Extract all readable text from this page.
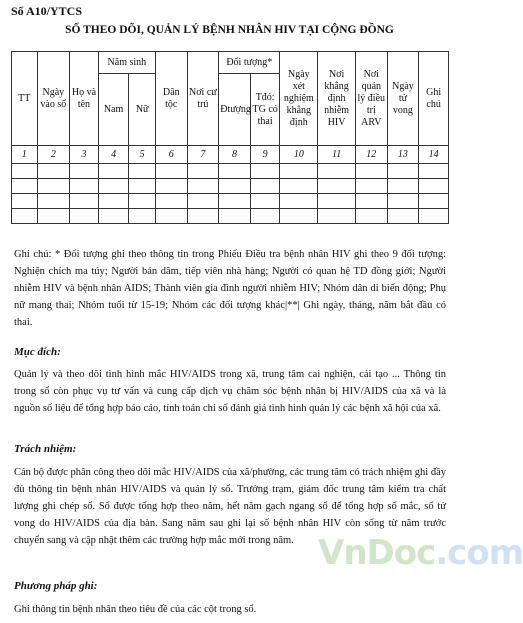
Sổ A10/YTCS
SỔ THEO DÕI, QUẢN LÝ BỆNH NHÂN HIV TẠI CỘNG ĐỒNG
TT	Ngày vào sổ	Họ và tên	Năm sinh		Dân tộc	Nơi cư trú	Đối tượng*		Ngày xét nghiệm khẳng định	Nơi khẳng định nhiễm HIV	Nơi quản lý điều trị ARV	Ngày tử vong	Ghi chú
			Nam	Nữ			Đtượng	Tđó: TG có thai					
1	2	3	4	5	6	7	8	9	10	11	12	13	14

Ghi chú: * Đối tượng ghi theo thông tin trong Phiếu Điều tra bệnh nhân HIV ghi theo 9 đối tượng: Nghiện chích ma túy; Người bán dâm, tiếp viên nhà hàng; Người có quan hệ TD đồng giới; Người nhiễm HIV và bệnh nhân AIDS; Thành viên gia đình người nhiễm HIV; Nhóm dân di biến động; Phụ nữ mang thai; Nhóm tuổi từ 15-19; Nhóm các đối tượng khác|**| Ghi ngày, tháng, năm bắt đầu có thai.
Mục đích:
Quản lý và theo dõi tình hình mắc HIV/AIDS trong xã, trung tâm cai nghiện, cải tạo ... Thông tin trong sổ còn phục vụ tư vấn và cung cấp dịch vụ chăm sóc bệnh nhân bị HIV/AIDS của xã và là nguồn số liệu để tổng hợp báo cáo, tính toán chỉ số đánh giá tình hình quản lý các bệnh xã hội của xã.
Trách nhiệm:
Cán bộ được phân công theo dõi mắc HIV/AIDS của xã/phường, các trung tâm có trách nhiệm ghi đầy đủ thông tin bệnh nhân HIV/AIDS và quản lý sổ. Trưởng trạm, giám đốc trung tâm kiểm tra chất lượng ghi chép sổ. Sổ được tổng hợp theo năm, hết năm gạch ngang sổ để tổng hợp số mắc, số tử vong do HIV/AIDS của địa bàn. Sang năm sau ghi lại số bệnh nhân HIV còn sống từ năm trước chuyển sang và cập nhật thêm các trường hợp mắc mới trong năm.
Phương pháp ghi:
Ghi thông tin bệnh nhân theo tiêu đề của các cột trong sổ.
VnDoc.com
